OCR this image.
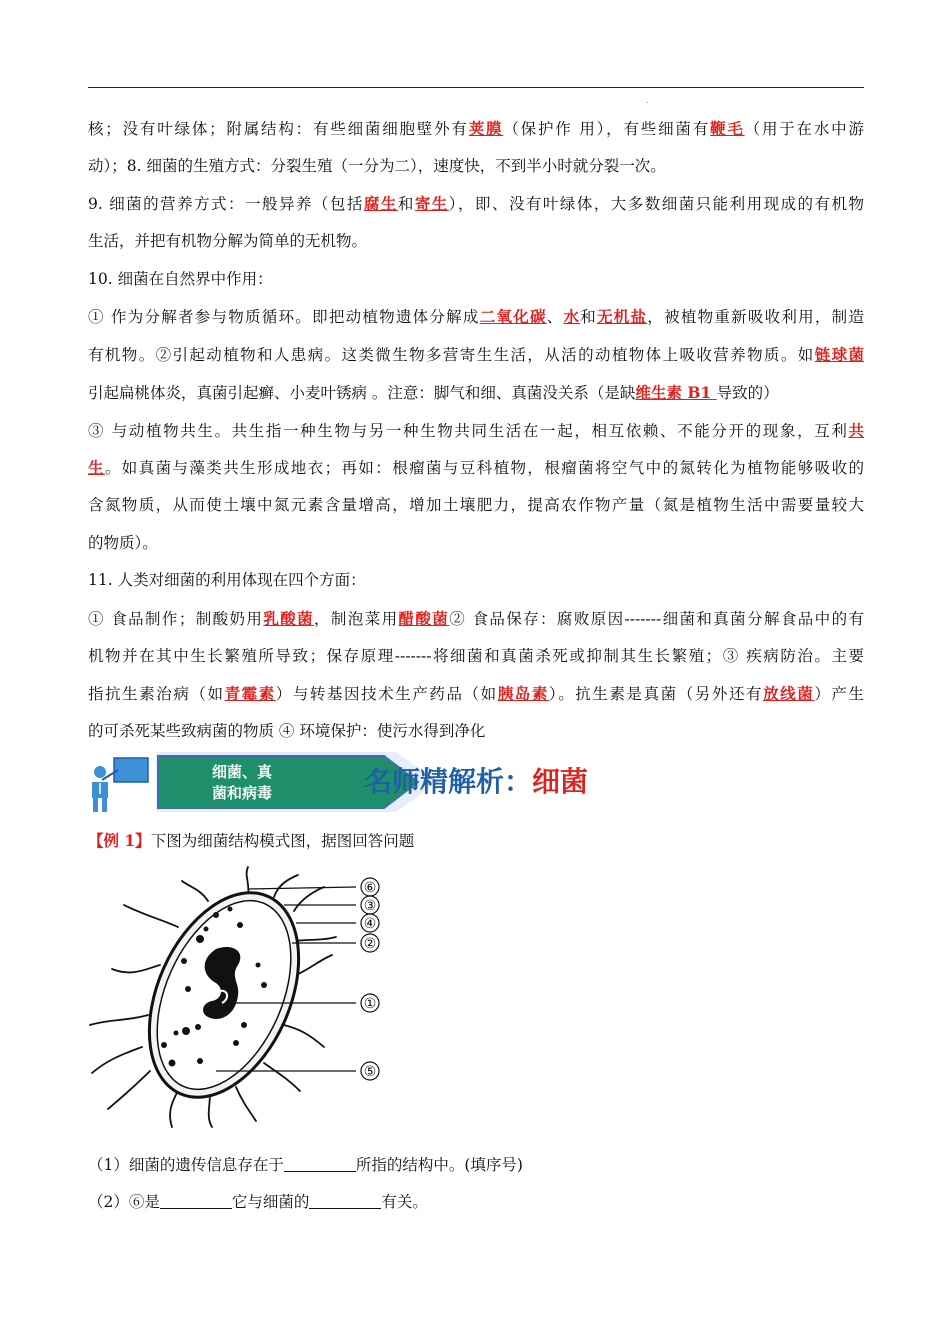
.
核；没有叶绿体；附属结构：有些细菌细胞壁外有荚膜（保护作 用），有些细菌有鞭毛（用于在水中游
动）；8. 细菌的生殖方式：分裂生殖（一分为二），速度快，不到半小时就分裂一次。
9. 细菌的营养方式：一般异养（包括腐生和寄生），即、没有叶绿体，大多数细菌只能利用现成的有机物
生活，并把有机物分解为简单的无机物。
10. 细菌在自然界中作用：
① 作为分解者参与物质循环。即把动植物遗体分解成二氧化碳、水和无机盐，被植物重新吸收利用，制造
有机物。②引起动植物和人患病。这类微生物多营寄生生活，从活的动植物体上吸收营养物质。如链球菌
引起扁桃体炎，真菌引起癣、小麦叶锈病 。注意：脚气和细、真菌没关系（是缺维生素 B1 导致的）
③ 与动植物共生。共生指一种生物与另一种生物共同生活在一起，相互依赖、不能分开的现象，互利共
生。如真菌与藻类共生形成地衣；再如：根瘤菌与豆科植物，根瘤菌将空气中的氮转化为植物能够吸收的
含氮物质，从而使土壤中氮元素含量增高，增加土壤肥力，提高农作物产量（氮是植物生活中需要量较大
的物质）。
11. 人类对细菌的利用体现在四个方面：
① 食品制作；制酸奶用乳酸菌，制泡菜用醋酸菌② 食品保存：腐败原因-------细菌和真菌分解食品中的有
机物并在其中生长繁殖所导致；保存原理-------将细菌和真菌杀死或抑制其生长繁殖；③ 疾病防治。主要
指抗生素治病（如青霉素）与转基因技术生产药品（如胰岛素）。抗生素是真菌（另外还有放线菌）产生
的可杀死某些致病菌的物质 ④ 环境保护：使污水得到净化
细菌、真
菌和病毒	名师精解析：细菌
【例 1】下图为细菌结构模式图，据图回答问题
⑥
③
④
②
①
⑤
（1）细菌的遗传信息存在于	所指的结构中。(填序号)
（2）⑥是	它与细菌的	有关。
